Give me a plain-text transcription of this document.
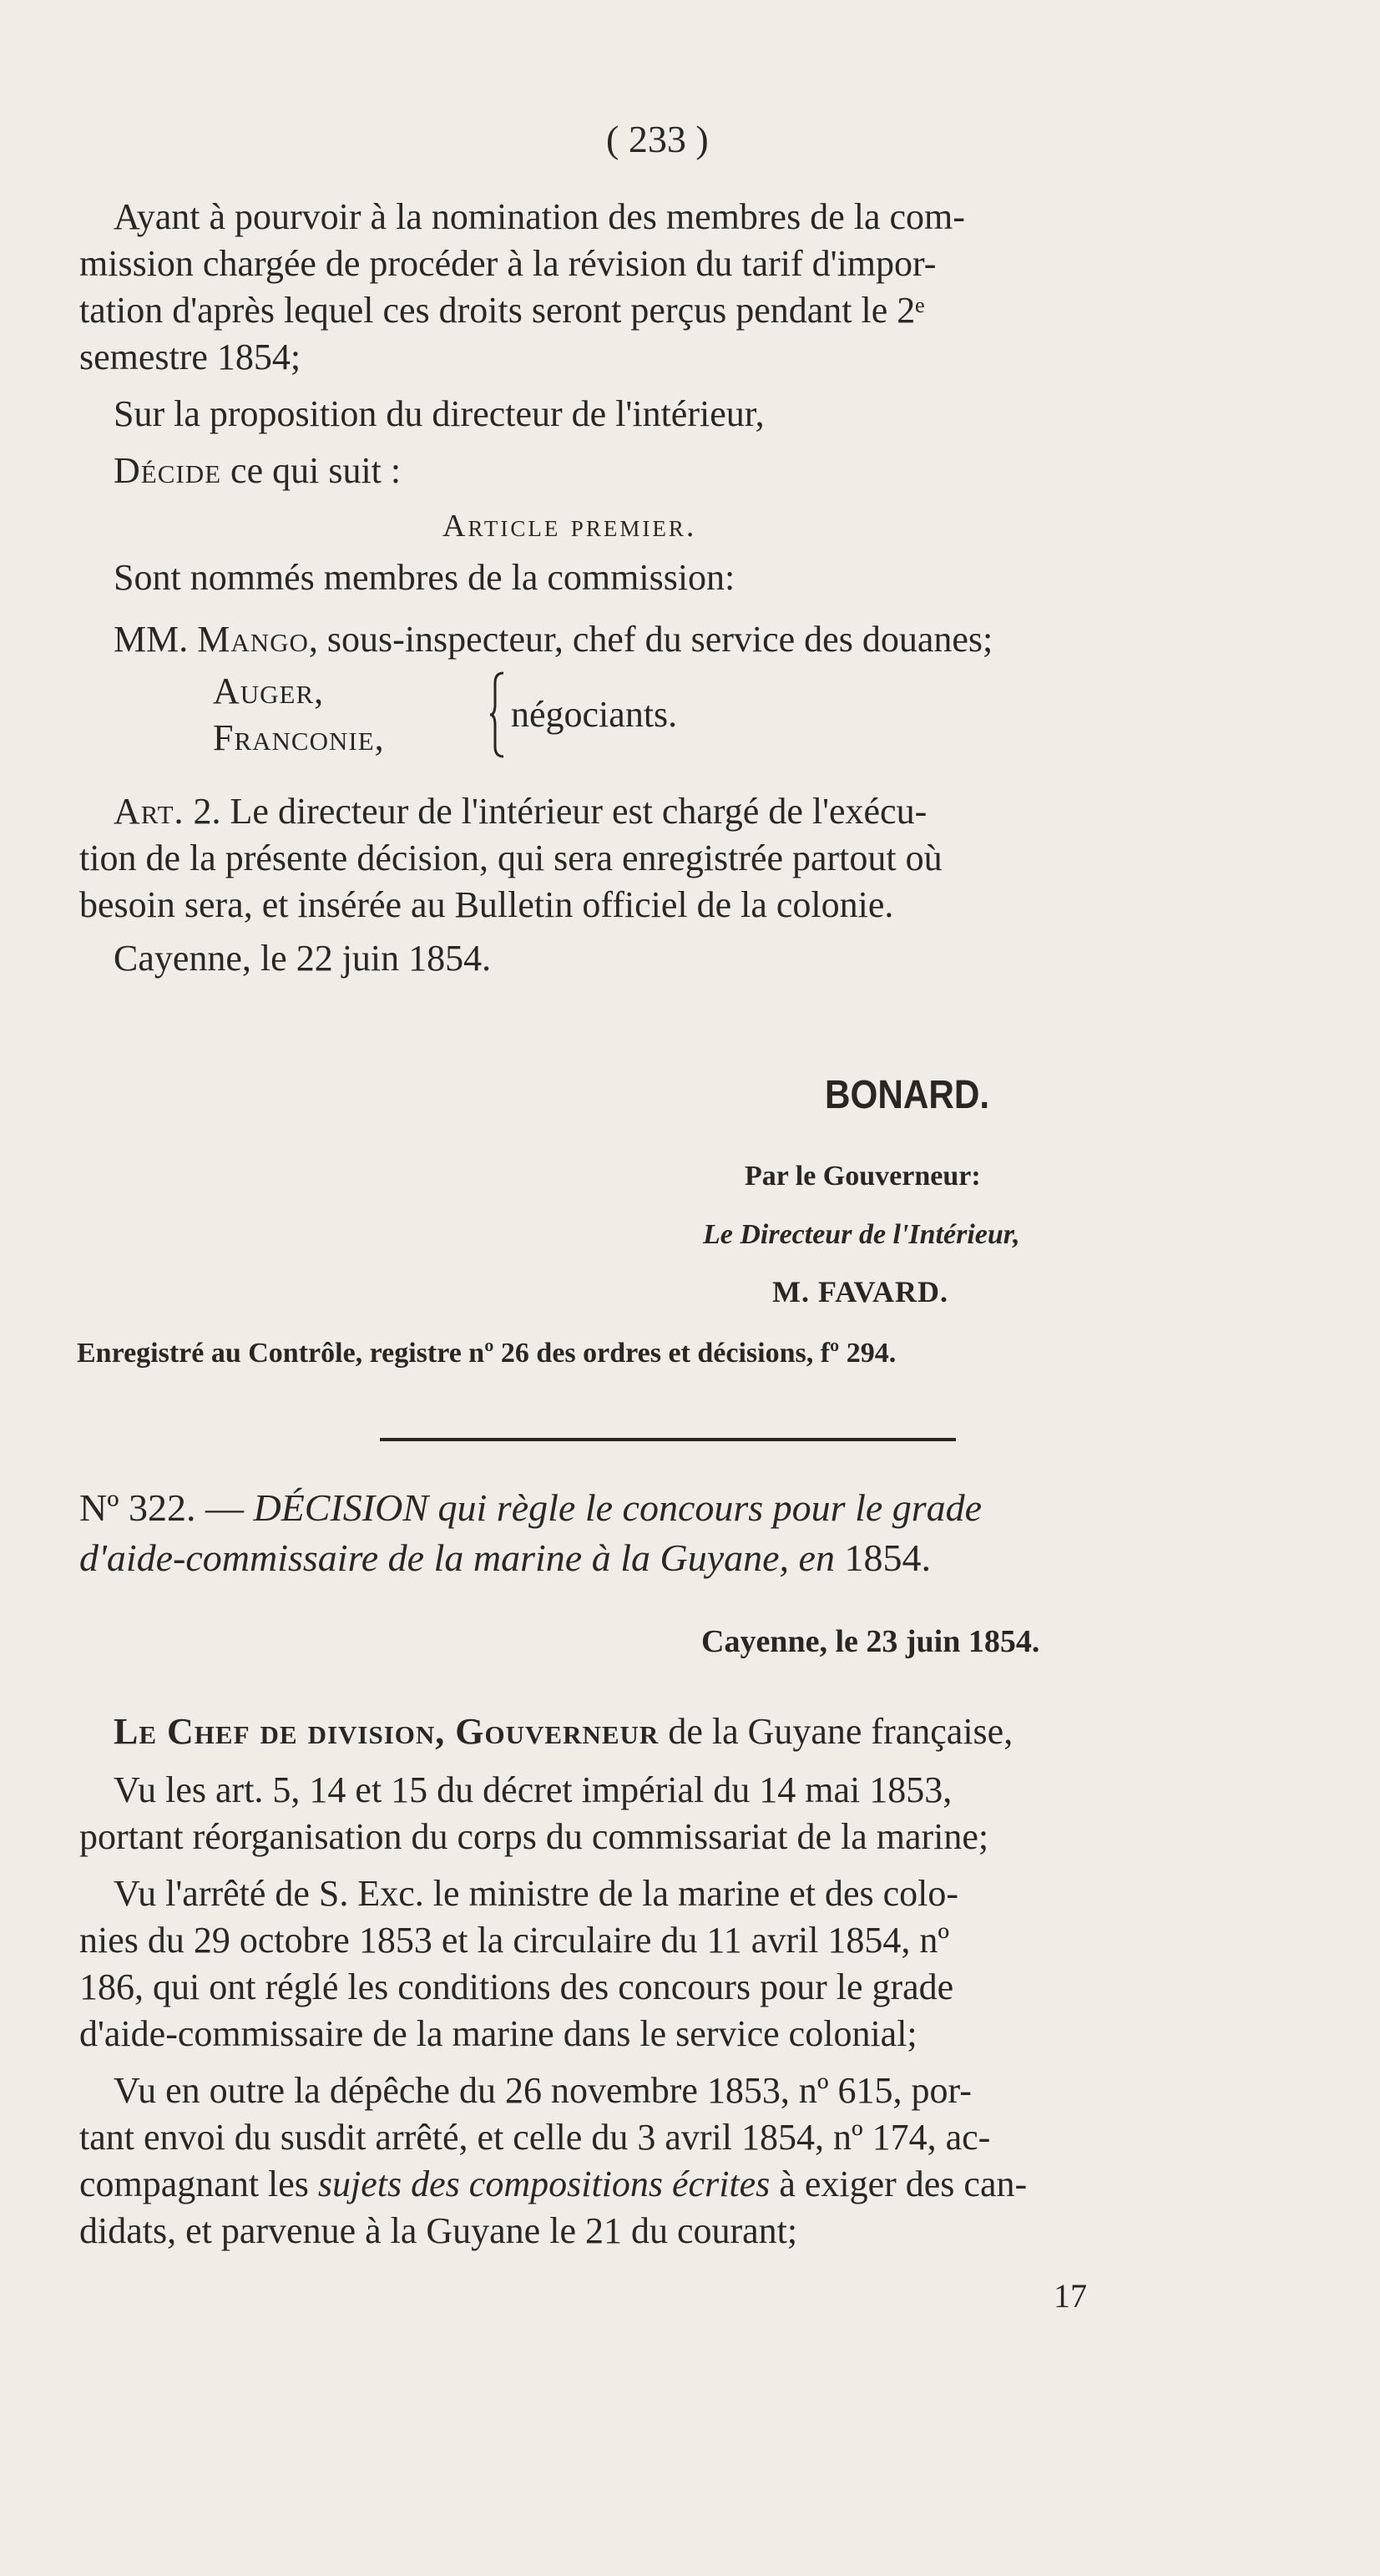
( 233 )
Ayant à pourvoir à la nomination des membres de la com-
mission chargée de procéder à la révision du tarif d'impor-
tation d'après lequel ces droits seront perçus pendant le 2ᵉ
semestre 1854;
Sur la proposition du directeur de l'intérieur,
Décide ce qui suit :
Article premier.
Sont nommés membres de la commission:
MM. Mango, sous-inspecteur, chef du service des douanes;
Auger,
Franconie,
négociants.
Art. 2. Le directeur de l'intérieur est chargé de l'exécu-
tion de la présente décision, qui sera enregistrée partout où
besoin sera, et insérée au Bulletin officiel de la colonie.
Cayenne, le 22 juin 1854.
BONARD.
Par le Gouverneur:
Le Directeur de l'Intérieur,
M. FAVARD.
Enregistré au Contrôle, registre nº 26 des ordres et décisions, fº 294.
Nº 322. — DÉCISION qui règle le concours pour le grade
d'aide-commissaire de la marine à la Guyane, en 1854.
Cayenne, le 23 juin 1854.
Le Chef de division, Gouverneur de la Guyane française,
Vu les art. 5, 14 et 15 du décret impérial du 14 mai 1853,
portant réorganisation du corps du commissariat de la marine;
Vu l'arrêté de S. Exc. le ministre de la marine et des colo-
nies du 29 octobre 1853 et la circulaire du 11 avril 1854, nº
186, qui ont réglé les conditions des concours pour le grade
d'aide-commissaire de la marine dans le service colonial;
Vu en outre la dépêche du 26 novembre 1853, nº 615, por-
tant envoi du susdit arrêté, et celle du 3 avril 1854, nº 174, ac-
compagnant les sujets des compositions écrites à exiger des can-
didats, et parvenue à la Guyane le 21 du courant;
17
